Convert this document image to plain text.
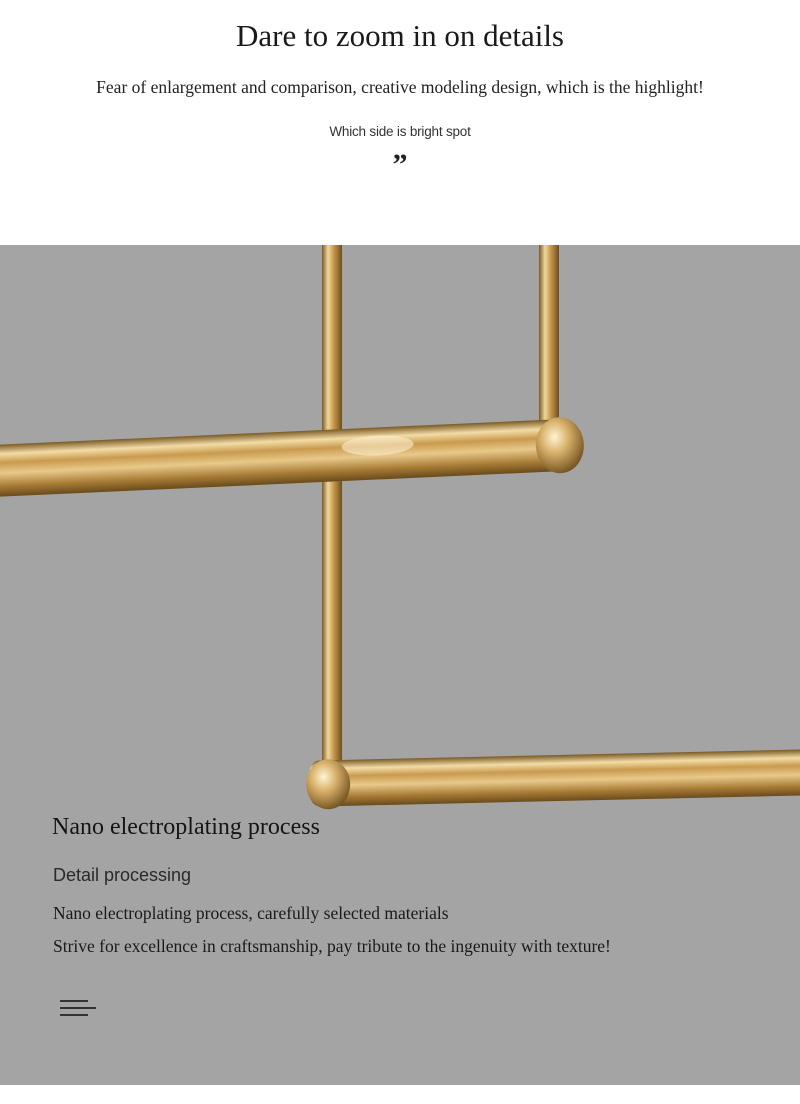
Dare to zoom in on details
Fear of enlargement and comparison, creative modeling design, which is the highlight!
Which side is bright spot
”
Nano electroplating process
Detail processing
Nano electroplating process, carefully selected materials
Strive for excellence in craftsmanship, pay tribute to the ingenuity with texture!
